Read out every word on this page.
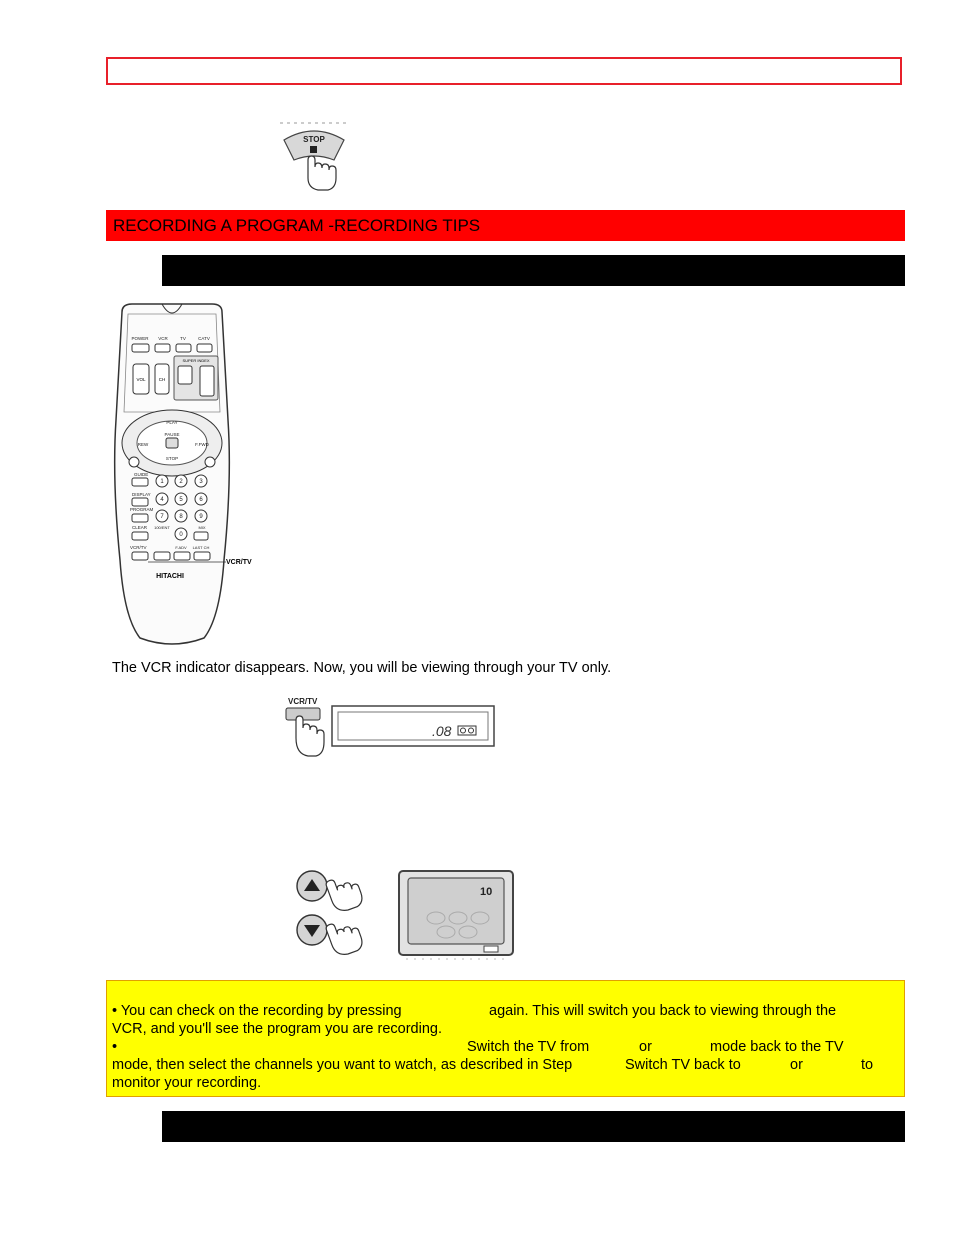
STOP
RECORDING A PROGRAM -RECORDING TIPS
POWER VCR	TV	CATV
VOL	CH
SUPER INDEX
PLAY
REW
PAUSE
F.FWD
STOP
GUIDE
DISPLAY
PROGRAM
CLEAR
VCR/TV
1	2	3
4	5	6
7	8	9
0
100/ENT	MIX
F.ADV LAST CH
HITACHI
VCR/TV
The VCR indicator disappears. Now, you will be viewing through your TV only.
VCR/TV
.08
10
• You can check on the recording by pressing	again. This will switch you back to viewing through the
VCR, and you'll see the program you are recording.
•	Switch the TV from	or	mode back to the TV
mode, then select the channels you want to watch, as described in Step	Switch TV back to	or	to
monitor your recording.
